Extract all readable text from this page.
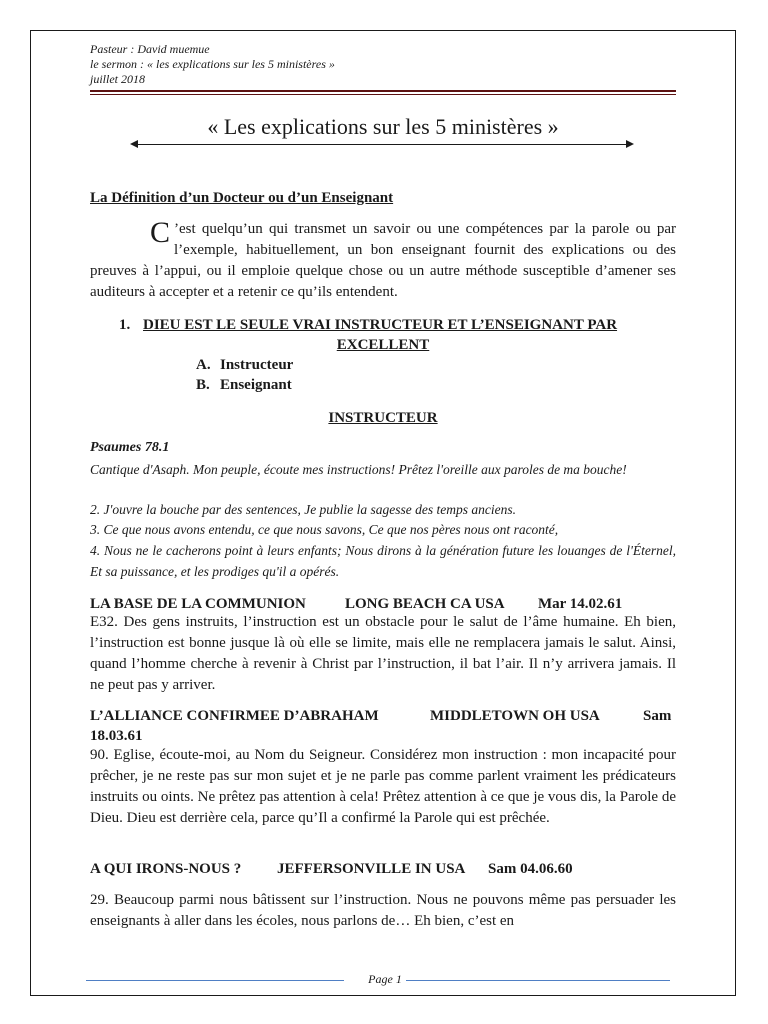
Pasteur : David muemue
le sermon : « les explications sur les 5 ministères »
juillet 2018
« Les explications sur les 5 ministères »
La Définition d’un Docteur ou d’un Enseignant
C ’est quelqu’un qui transmet un savoir ou une compétences par la parole ou par l’exemple, habituellement, un bon enseignant fournit des explications ou des preuves à l’appui, ou il emploie quelque chose ou un autre méthode susceptible d’amener ses auditeurs à accepter et a retenir ce qu’ils entendent.
1. DIEU EST LE SEULE VRAI INSTRUCTEUR ET L’ENSEIGNANT PAR
EXCELLENT
A. Instructeur
B. Enseignant
INSTRUCTEUR
Psaumes 78.1
Cantique d'Asaph. Mon peuple, écoute mes instructions! Prêtez l'oreille aux paroles de ma bouche!
2. J'ouvre la bouche par des sentences, Je publie la sagesse des temps anciens.
3. Ce que nous avons entendu, ce que nous savons, Ce que nos pères nous ont raconté,
4. Nous ne le cacherons point à leurs enfants; Nous dirons à la génération future les louanges de l'Éternel, Et sa puissance, et les prodiges qu'il a opérés.
LA BASE DE LA COMMUNION	LONG BEACH CA USA Mar 14.02.61
E32. Des gens instruits, l’instruction est un obstacle pour le salut de l’âme humaine. Eh bien, l’instruction est bonne jusque là où elle se limite, mais elle ne remplacera jamais le salut. Ainsi, quand l’homme cherche à revenir à Christ par l’instruction, il bat l’air. Il n’y arrivera jamais. Il ne peut pas y arriver.
L’ALLIANCE CONFIRMEE D’ABRAHAM	MIDDLETOWN OH USA	Sam
18.03.61
90. Eglise, écoute-moi, au Nom du Seigneur. Considérez mon instruction : mon incapacité pour prêcher, je ne reste pas sur mon sujet et je ne parle pas comme parlent vraiment les prédicateurs instruits ou oints. Ne prêtez pas attention à cela! Prêtez attention à ce que je vous dis, la Parole de Dieu. Dieu est derrière cela, parce qu’Il a confirmé la Parole qui est prêchée.
A QUI IRONS-NOUS ? JEFFERSONVILLE IN USA Sam 04.06.60
29. Beaucoup parmi nous bâtissent sur l’instruction. Nous ne pouvons même pas persuader les enseignants à aller dans les écoles, nous parlons de… Eh bien, c’est en
Page 1
